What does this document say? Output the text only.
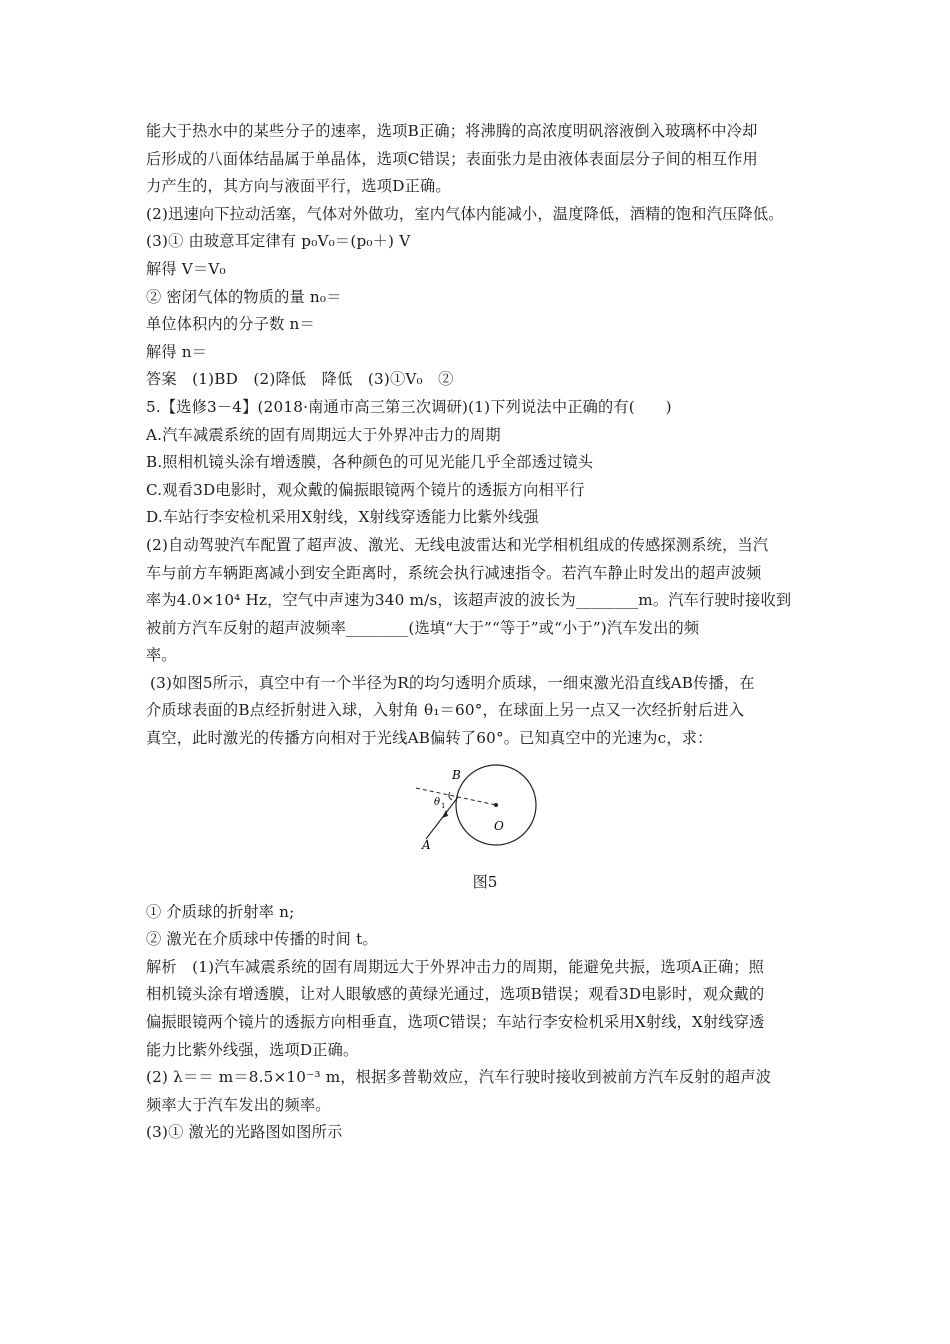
能大于热水中的某些分子的速率，选项B正确；将沸腾的高浓度明矾溶液倒入玻璃杯中冷却
后形成的八面体结晶属于单晶体，选项C错误；表面张力是由液体表面层分子间的相互作用
力产生的，其方向与液面平行，选项D正确。
(2)迅速向下拉动活塞，气体对外做功，室内气体内能减小，温度降低，酒精的饱和汽压降低。
(3)① 由玻意耳定律有 p₀V₀＝(p₀＋) V
解得 V＝V₀
② 密闭气体的物质的量 n₀＝
单位体积内的分子数 n＝
解得 n＝
答案　(1)BD　(2)降低　降低　(3)①V₀　②
5.【选修3－4】(2018·南通市高三第三次调研)(1)下列说法中正确的有(　　)
A.汽车减震系统的固有周期远大于外界冲击力的周期
B.照相机镜头涂有增透膜，各种颜色的可见光能几乎全部透过镜头
C.观看3D电影时，观众戴的偏振眼镜两个镜片的透振方向相平行
D.车站行李安检机采用X射线，X射线穿透能力比紫外线强
(2)自动驾驶汽车配置了超声波、激光、无线电波雷达和光学相机组成的传感探测系统，当汽
车与前方车辆距离减小到安全距离时，系统会执行减速指令。若汽车静止时发出的超声波频
率为4.0×10⁴ Hz，空气中声速为340 m/s，该超声波的波长为________m。汽车行驶时接收到
被前方汽车反射的超声波频率________(选填“大于”“等于”或“小于”)汽车发出的频
率。
(3)如图5所示，真空中有一个半径为R的均匀透明介质球，一细束激光沿直线AB传播，在
介质球表面的B点经折射进入球，入射角 θ₁＝60°，在球面上另一点又一次经折射后进入
真空，此时激光的传播方向相对于光线AB偏转了60°。已知真空中的光速为c，求：
B
θ 1
A
O
图5
① 介质球的折射率 n;
② 激光在介质球中传播的时间 t。
解析　(1)汽车减震系统的固有周期远大于外界冲击力的周期，能避免共振，选项A正确；照
相机镜头涂有增透膜，让对人眼敏感的黄绿光通过，选项B错误；观看3D电影时，观众戴的
偏振眼镜两个镜片的透振方向相垂直，选项C错误；车站行李安检机采用X射线，X射线穿透
能力比紫外线强，选项D正确。
(2) λ＝＝ m＝8.5×10⁻³ m，根据多普勒效应，汽车行驶时接收到被前方汽车反射的超声波
频率大于汽车发出的频率。
(3)① 激光的光路图如图所示
